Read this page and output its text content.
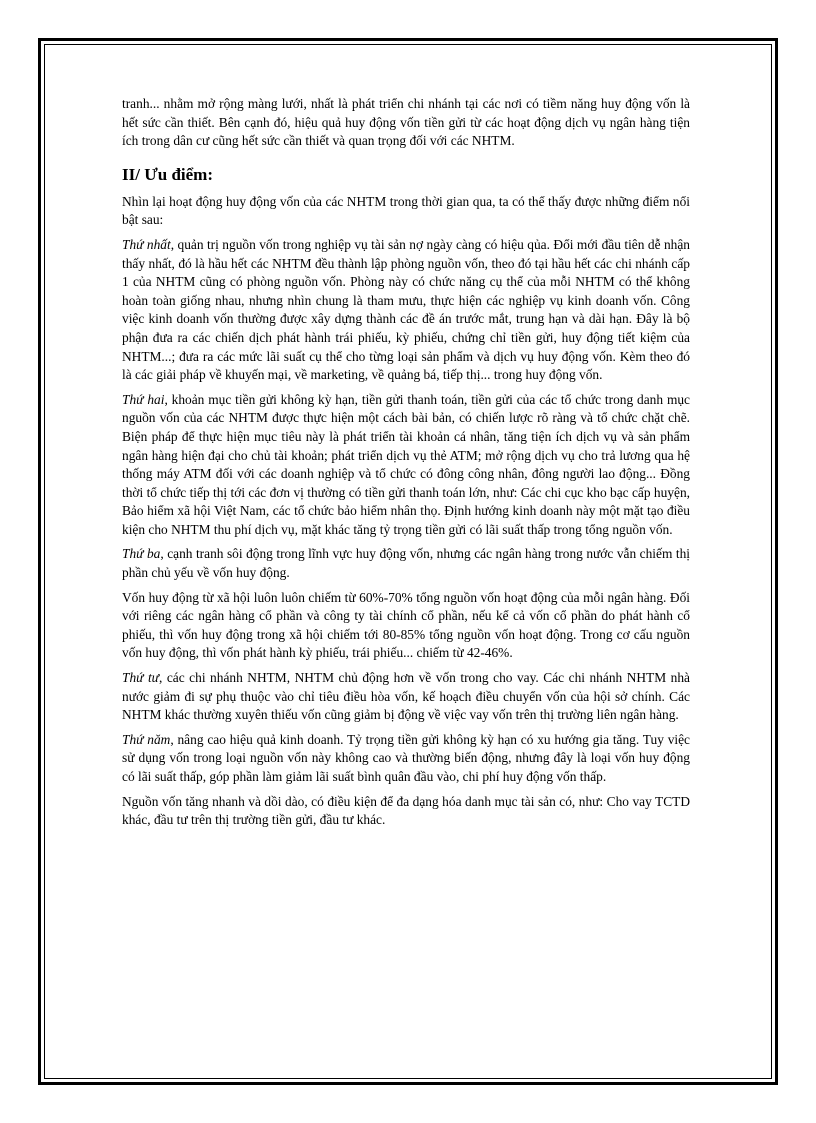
tranh... nhằm mở rộng màng lưới, nhất là phát triển chi nhánh tại các nơi có tiềm năng huy động vốn là hết sức cần thiết. Bên cạnh đó, hiệu quả huy động vốn tiền gửi từ các hoạt động dịch vụ ngân hàng tiện ích trong dân cư cũng hết sức cần thiết và quan trọng đối với các NHTM.

II/ Ưu điểm:

Nhìn lại hoạt động huy động vốn của các NHTM trong thời gian qua, ta có thể thấy được những điểm nổi bật sau:

Thứ nhất, quản trị nguồn vốn trong nghiệp vụ tài sản nợ ngày càng có hiệu qủa. Đổi mới đầu tiên dễ nhận thấy nhất, đó là hầu hết các NHTM đều thành lập phòng nguồn vốn, theo đó tại hầu hết các chi nhánh cấp 1 của NHTM cũng có phòng nguồn vốn. Phòng này có chức năng cụ thể của mỗi NHTM có thể không hoàn toàn giống nhau, nhưng nhìn chung là tham mưu, thực hiện các nghiệp vụ kinh doanh vốn. Công việc kinh doanh vốn thường được xây dựng thành các đề án trước mắt, trung hạn và dài hạn. Đây là bộ phận đưa ra các chiến dịch phát hành trái phiếu, kỳ phiếu, chứng chỉ tiền gửi, huy động tiết kiệm của NHTM...; đưa ra các mức lãi suất cụ thể cho từng loại sản phẩm và dịch vụ huy động vốn. Kèm theo đó là các giải pháp về khuyến mại, về marketing, về quảng bá, tiếp thị... trong huy động vốn.

Thứ hai, khoản mục tiền gửi không kỳ hạn, tiền gửi thanh toán, tiền gửi của các tổ chức trong danh mục nguồn vốn của các NHTM được thực hiện một cách bài bản, có chiến lược rõ ràng và tổ chức chặt chẽ. Biện pháp để thực hiện mục tiêu này là phát triển tài khoản cá nhân, tăng tiện ích dịch vụ và sản phẩm ngân hàng hiện đại cho chủ tài khoản; phát triển dịch vụ thẻ ATM; mở rộng dịch vụ cho trả lương qua hệ thống máy ATM đối với các doanh nghiệp và tổ chức có đông công nhân, đông người lao động... Đồng thời tổ chức tiếp thị tới các đơn vị thường có tiền gửi thanh toán lớn, như: Các chi cục kho bạc cấp huyện, Bảo hiểm xã hội Việt Nam, các tổ chức bảo hiểm nhân thọ. Định hướng kinh doanh này một mặt tạo điều kiện cho NHTM thu phí dịch vụ, mặt khác tăng tỷ trọng tiền gửi có lãi suất thấp trong tổng nguồn vốn.

Thứ ba, cạnh tranh sôi động trong lĩnh vực huy động vốn, nhưng các ngân hàng trong nước vẫn chiếm thị phần chủ yếu về vốn huy động.

Vốn huy động từ xã hội luôn luôn chiếm từ 60%-70% tổng nguồn vốn hoạt động của mỗi ngân hàng. Đối với riêng các ngân hàng cổ phần và công ty tài chính cổ phần, nếu kể cả vốn cổ phần do phát hành cổ phiếu, thì vốn huy động trong xã hội chiếm tới 80-85% tổng nguồn vốn hoạt động. Trong cơ cấu nguồn vốn huy động, thì vốn phát hành kỳ phiếu, trái phiếu... chiếm từ 42-46%.

Thứ tư, các chi nhánh NHTM, NHTM chủ động hơn về vốn trong cho vay. Các chi nhánh NHTM nhà nước giảm đi sự phụ thuộc vào chỉ tiêu điều hòa vốn, kế hoạch điều chuyển vốn của hội sở chính. Các NHTM khác thường xuyên thiếu vốn cũng giảm bị động về việc vay vốn trên thị trường liên ngân hàng.

Thứ năm, nâng cao hiệu quả kinh doanh. Tỷ trọng tiền gửi không kỳ hạn có xu hướng gia tăng. Tuy việc sử dụng vốn trong loại nguồn vốn này không cao và thường biến động, nhưng đây là loại vốn huy động có lãi suất thấp, góp phần làm giảm lãi suất bình quân đầu vào, chi phí huy động vốn thấp.

Nguồn vốn tăng nhanh và dồi dào, có điều kiện để đa dạng hóa danh mục tài sản có, như: Cho vay TCTD khác, đầu tư trên thị trường tiền gửi, đầu tư khác.
